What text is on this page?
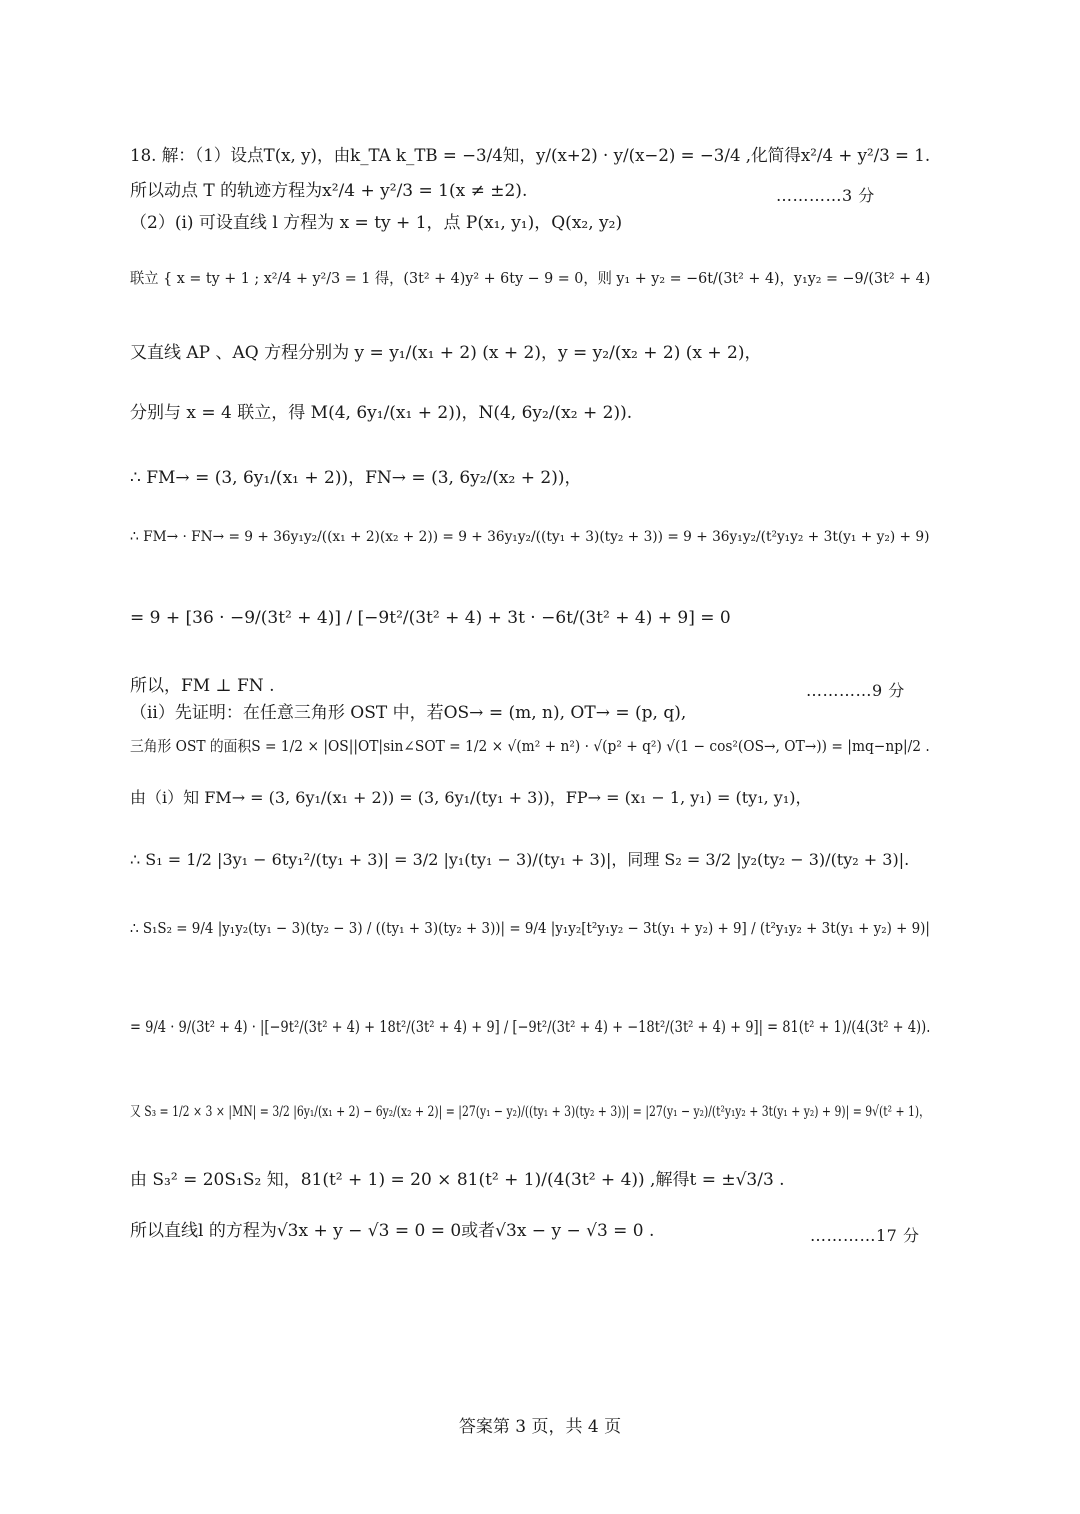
18. 解：（1）设点T(x, y)，由k_TA k_TB = −3/4知，y/(x+2) · y/(x−2) = −3/4 ,化简得x²/4 + y²/3 = 1.
所以动点 T 的轨迹方程为x²/4 + y²/3 = 1(x ≠ ±2).	…………3 分
（2）(i) 可设直线 l 方程为 x = ty + 1，点 P(x₁, y₁)，Q(x₂, y₂)
联立 { x = ty + 1 ; x²/4 + y²/3 = 1 得，(3t² + 4)y² + 6ty − 9 = 0，则 y₁ + y₂ = −6t/(3t² + 4)，y₁y₂ = −9/(3t² + 4)
又直线 AP 、AQ 方程分别为 y = y₁/(x₁ + 2) (x + 2)，y = y₂/(x₂ + 2) (x + 2)，
分别与 x = 4 联立，得 M(4, 6y₁/(x₁ + 2))，N(4, 6y₂/(x₂ + 2)).
∴ FM→ = (3, 6y₁/(x₁ + 2))，FN→ = (3, 6y₂/(x₂ + 2))，
∴ FM→ · FN→ = 9 + 36y₁y₂/((x₁ + 2)(x₂ + 2)) = 9 + 36y₁y₂/((ty₁ + 3)(ty₂ + 3)) = 9 + 36y₁y₂/(t²y₁y₂ + 3t(y₁ + y₂) + 9)
= 9 + [36 · −9/(3t² + 4)] / [−9t²/(3t² + 4) + 3t · −6t/(3t² + 4) + 9] = 0
所以，FM ⊥ FN .	…………9 分
（ii）先证明：在任意三角形 OST 中，若OS→ = (m, n), OT→ = (p, q),
三角形 OST 的面积S = 1/2 × |OS||OT|sin∠SOT = 1/2 × √(m² + n²) · √(p² + q²) √(1 − cos²(OS→, OT→)) = |mq−np|/2 .
由（i）知 FM→ = (3, 6y₁/(x₁ + 2)) = (3, 6y₁/(ty₁ + 3))，FP→ = (x₁ − 1, y₁) = (ty₁, y₁)，
∴ S₁ = 1/2 |3y₁ − 6ty₁²/(ty₁ + 3)| = 3/2 |y₁(ty₁ − 3)/(ty₁ + 3)|，同理 S₂ = 3/2 |y₂(ty₂ − 3)/(ty₂ + 3)|.
∴ S₁S₂ = 9/4 |y₁y₂(ty₁ − 3)(ty₂ − 3) / ((ty₁ + 3)(ty₂ + 3))| = 9/4 |y₁y₂[t²y₁y₂ − 3t(y₁ + y₂) + 9] / (t²y₁y₂ + 3t(y₁ + y₂) + 9)|
= 9/4 · 9/(3t² + 4) · |[−9t²/(3t² + 4) + 18t²/(3t² + 4) + 9] / [−9t²/(3t² + 4) + −18t²/(3t² + 4) + 9]| = 81(t² + 1)/(4(3t² + 4)).
又 S₃ = 1/2 × 3 × |MN| = 3/2 |6y₁/(x₁ + 2) − 6y₂/(x₂ + 2)| = |27(y₁ − y₂)/((ty₁ + 3)(ty₂ + 3))| = |27(y₁ − y₂)/(t²y₁y₂ + 3t(y₁ + y₂) + 9)| = 9√(t² + 1)，
由 S₃² = 20S₁S₂ 知，81(t² + 1) = 20 × 81(t² + 1)/(4(3t² + 4)) ,解得t = ±√3/3 .
所以直线l 的方程为√3x + y − √3 = 0 = 0或者√3x − y − √3 = 0 .	…………17 分
答案第 3 页，共 4 页
